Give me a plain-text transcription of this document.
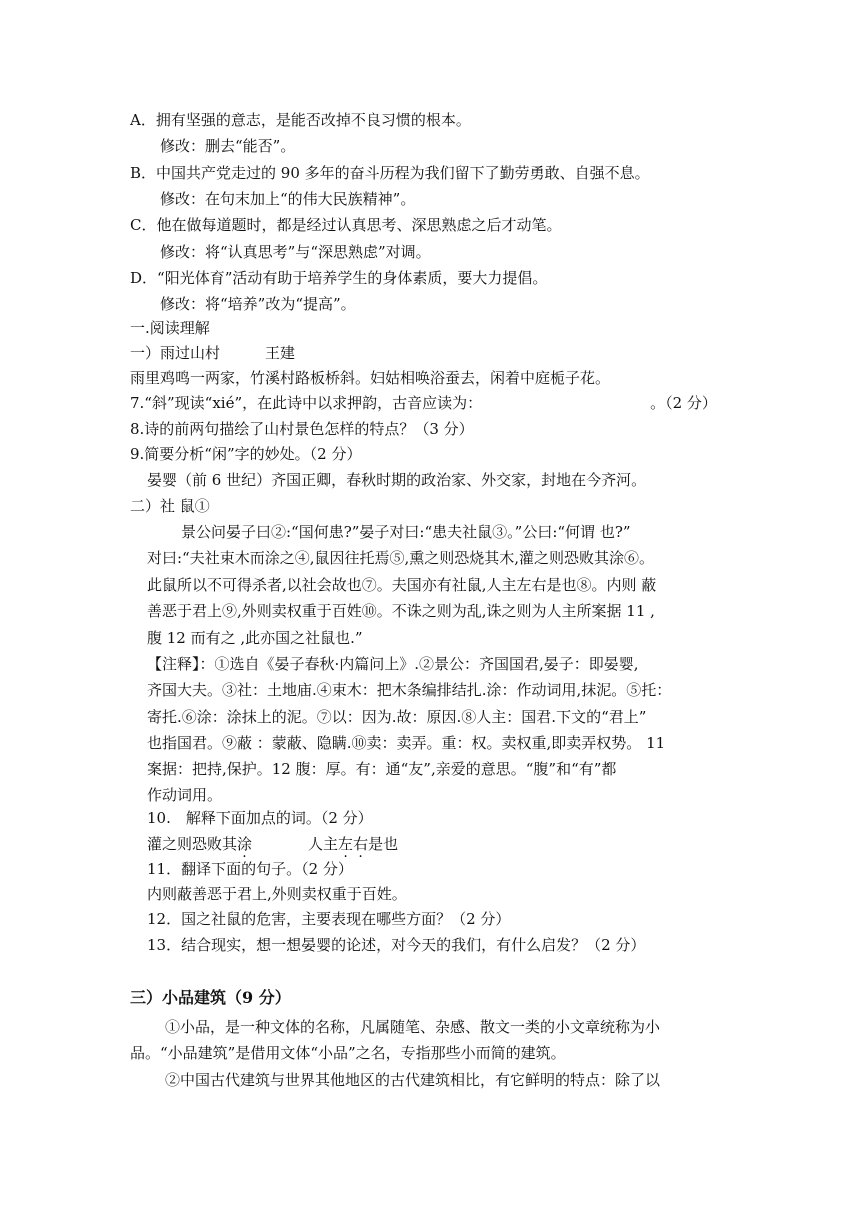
A．拥有坚强的意志，是能否改掉不良习惯的根本。
修改：删去“能否”。
B．中国共产党走过的 90 多年的奋斗历程为我们留下了勤劳勇敢、自强不息。
修改：在句末加上“的伟大民族精神”。
C．他在做每道题时，都是经过认真思考、深思熟虑之后才动笔。
修改：将“认真思考”与“深思熟虑”对调。
D．“阳光体育”活动有助于培养学生的身体素质，要大力提倡。
修改：将“培养”改为“提高”。
一.阅读理解
一）雨过山村　　　王建
雨里鸡鸣一两家，竹溪村路板桥斜。妇姑相唤浴蚕去，闲着中庭栀子花。
7.“斜”现读“xié”，在此诗中以求押韵，古音应读为：	。（2 分）
8.诗的前两句描绘了山村景色怎样的特点？（3 分）
9.简要分析“闲”字的妙处。（2 分）
晏婴（前 6 世纪）齐国正卿，春秋时期的政治家、外交家，封地在今齐河。
二）社 鼠①
景公问晏子曰②:“国何患?”晏子对曰:“患夫社鼠③。”公曰:“何谓 也?”
对曰:“夫社束木而涂之④,鼠因往托焉⑤,熏之则恐烧其木,灌之则恐败其涂⑥。
此鼠所以不可得杀者,以社会故也⑦。夫国亦有社鼠,人主左右是也⑧。内则 蔽
善恶于君上⑨,外则卖权重于百姓⑩。不诛之则为乱,诛之则为人主所案据 11 ,
腹 12 而有之 ,此亦国之社鼠也.”
【注释】：①选自《晏子春秋·内篇问上》.②景公：齐国国君,晏子：即晏婴,
齐国大夫。③社：土地庙.④束木：把木条编排结扎.涂：作动词用,抹泥。⑤托：
寄托.⑥涂：涂抹上的泥。⑦以：因为.故：原因.⑧人主：国君.下文的“君上”
也指国君。⑨蔽 ：蒙蔽、隐瞒.⑩卖：卖弄。重：权。卖权重,即卖弄权势。 11
案据：把持,保护。12 腹：厚。有：通“友”,亲爱的意思。“腹”和“有”都
作动词用。
10.　解释下面加点的词。（2 分）
灌之则恐败其涂	人主左右是也
11．翻译下面的句子。（2 分）
内则蔽善恶于君上,外则卖权重于百姓。
12．国之社鼠的危害，主要表现在哪些方面？（2 分）
13．结合现实，想一想晏婴的论述，对今天的我们，有什么启发？（2 分）
三）小品建筑（9 分）
①小品，是一种文体的名称，凡属随笔、杂感、散文一类的小文章统称为小
品。“小品建筑”是借用文体“小品”之名，专指那些小而简的建筑。
②中国古代建筑与世界其他地区的古代建筑相比，有它鲜明的特点：除了以
